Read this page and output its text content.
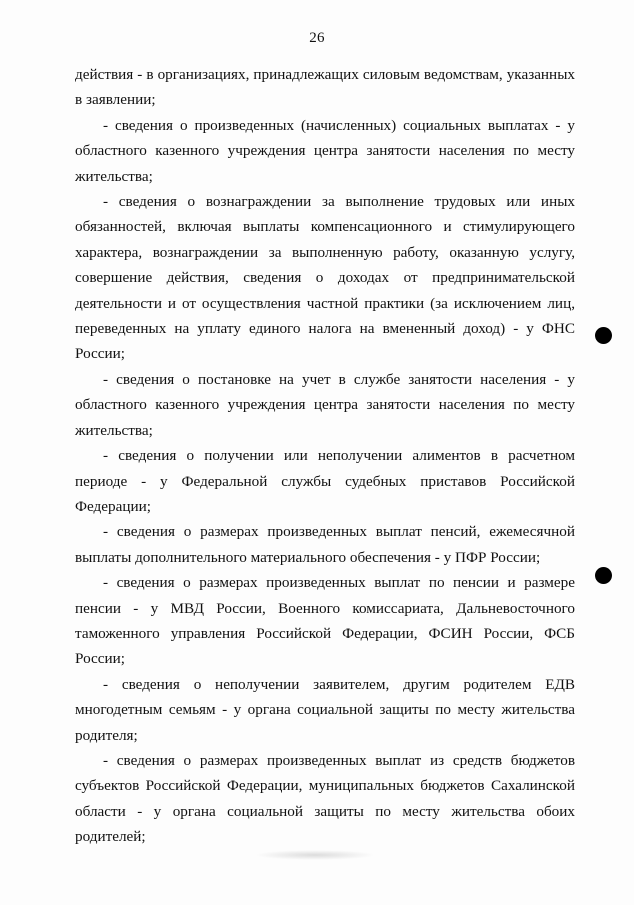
26

действия - в организациях, принадлежащих силовым ведомствам, указанных в заявлении;

- сведения о произведенных (начисленных) социальных выплатах - у областного казенного учреждения центра занятости населения по месту жительства;

- сведения о вознаграждении за выполнение трудовых или иных обязанностей, включая выплаты компенсационного и стимулирующего характера, вознаграждении за выполненную работу, оказанную услугу, совершение действия, сведения о доходах от предпринимательской деятельности и от осуществления частной практики (за исключением лиц, переведенных на уплату единого налога на вмененный доход) - у ФНС России;

- сведения о постановке на учет в службе занятости населения - у областного казенного учреждения центра занятости населения по месту жительства;

- сведения о получении или неполучении алиментов в расчетном периоде - у Федеральной службы судебных приставов Российской Федерации;

- сведения о размерах произведенных выплат пенсий, ежемесячной выплаты дополнительного материального обеспечения - у ПФР России;

- сведения о размерах произведенных выплат по пенсии и размере пенсии - у МВД России, Военного комиссариата, Дальневосточного таможенного управления Российской Федерации, ФСИН России, ФСБ России;

- сведения о неполучении заявителем, другим родителем ЕДВ многодетным семьям - у органа социальной защиты по месту жительства родителя;

- сведения о размерах произведенных выплат из средств бюджетов субъектов Российской Федерации, муниципальных бюджетов Сахалинской области - у органа социальной защиты по месту жительства обоих родителей;
